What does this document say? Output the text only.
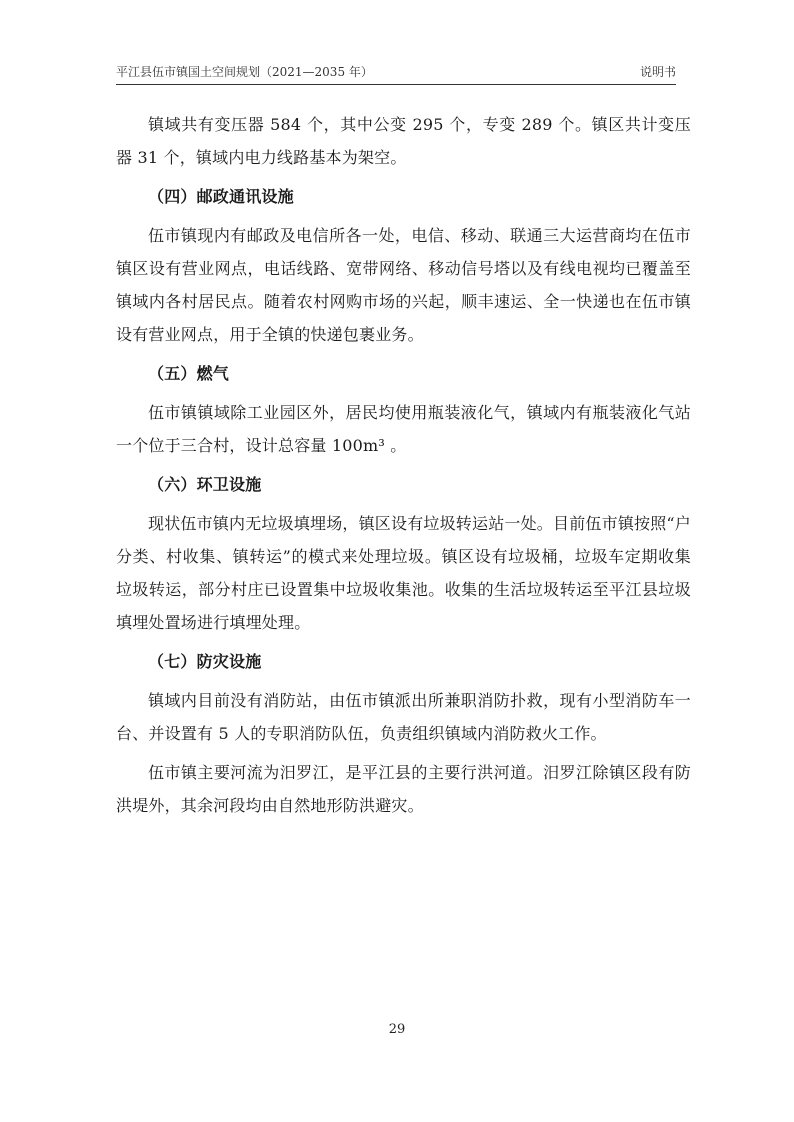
平江县伍市镇国土空间规划（2021—2035 年）	说明书

镇域共有变压器 584 个，其中公变 295 个，专变 289 个。镇区共计变压器 31 个，镇域内电力线路基本为架空。

（四）邮政通讯设施

伍市镇现内有邮政及电信所各一处，电信、移动、联通三大运营商均在伍市镇区设有营业网点，电话线路、宽带网络、移动信号塔以及有线电视均已覆盖至镇域内各村居民点。随着农村网购市场的兴起，顺丰速运、全一快递也在伍市镇设有营业网点，用于全镇的快递包裹业务。

（五）燃气

伍市镇镇域除工业园区外，居民均使用瓶装液化气，镇域内有瓶装液化气站一个位于三合村，设计总容量 100m³ 。

（六）环卫设施

现状伍市镇内无垃圾填埋场，镇区设有垃圾转运站一处。目前伍市镇按照“户分类、村收集、镇转运”的模式来处理垃圾。镇区设有垃圾桶，垃圾车定期收集垃圾转运，部分村庄已设置集中垃圾收集池。收集的生活垃圾转运至平江县垃圾填埋处置场进行填埋处理。

（七）防灾设施

镇域内目前没有消防站，由伍市镇派出所兼职消防扑救，现有小型消防车一台、并设置有 5 人的专职消防队伍，负责组织镇域内消防救火工作。

伍市镇主要河流为汨罗江，是平江县的主要行洪河道。汨罗江除镇区段有防洪堤外，其余河段均由自然地形防洪避灾。

29
